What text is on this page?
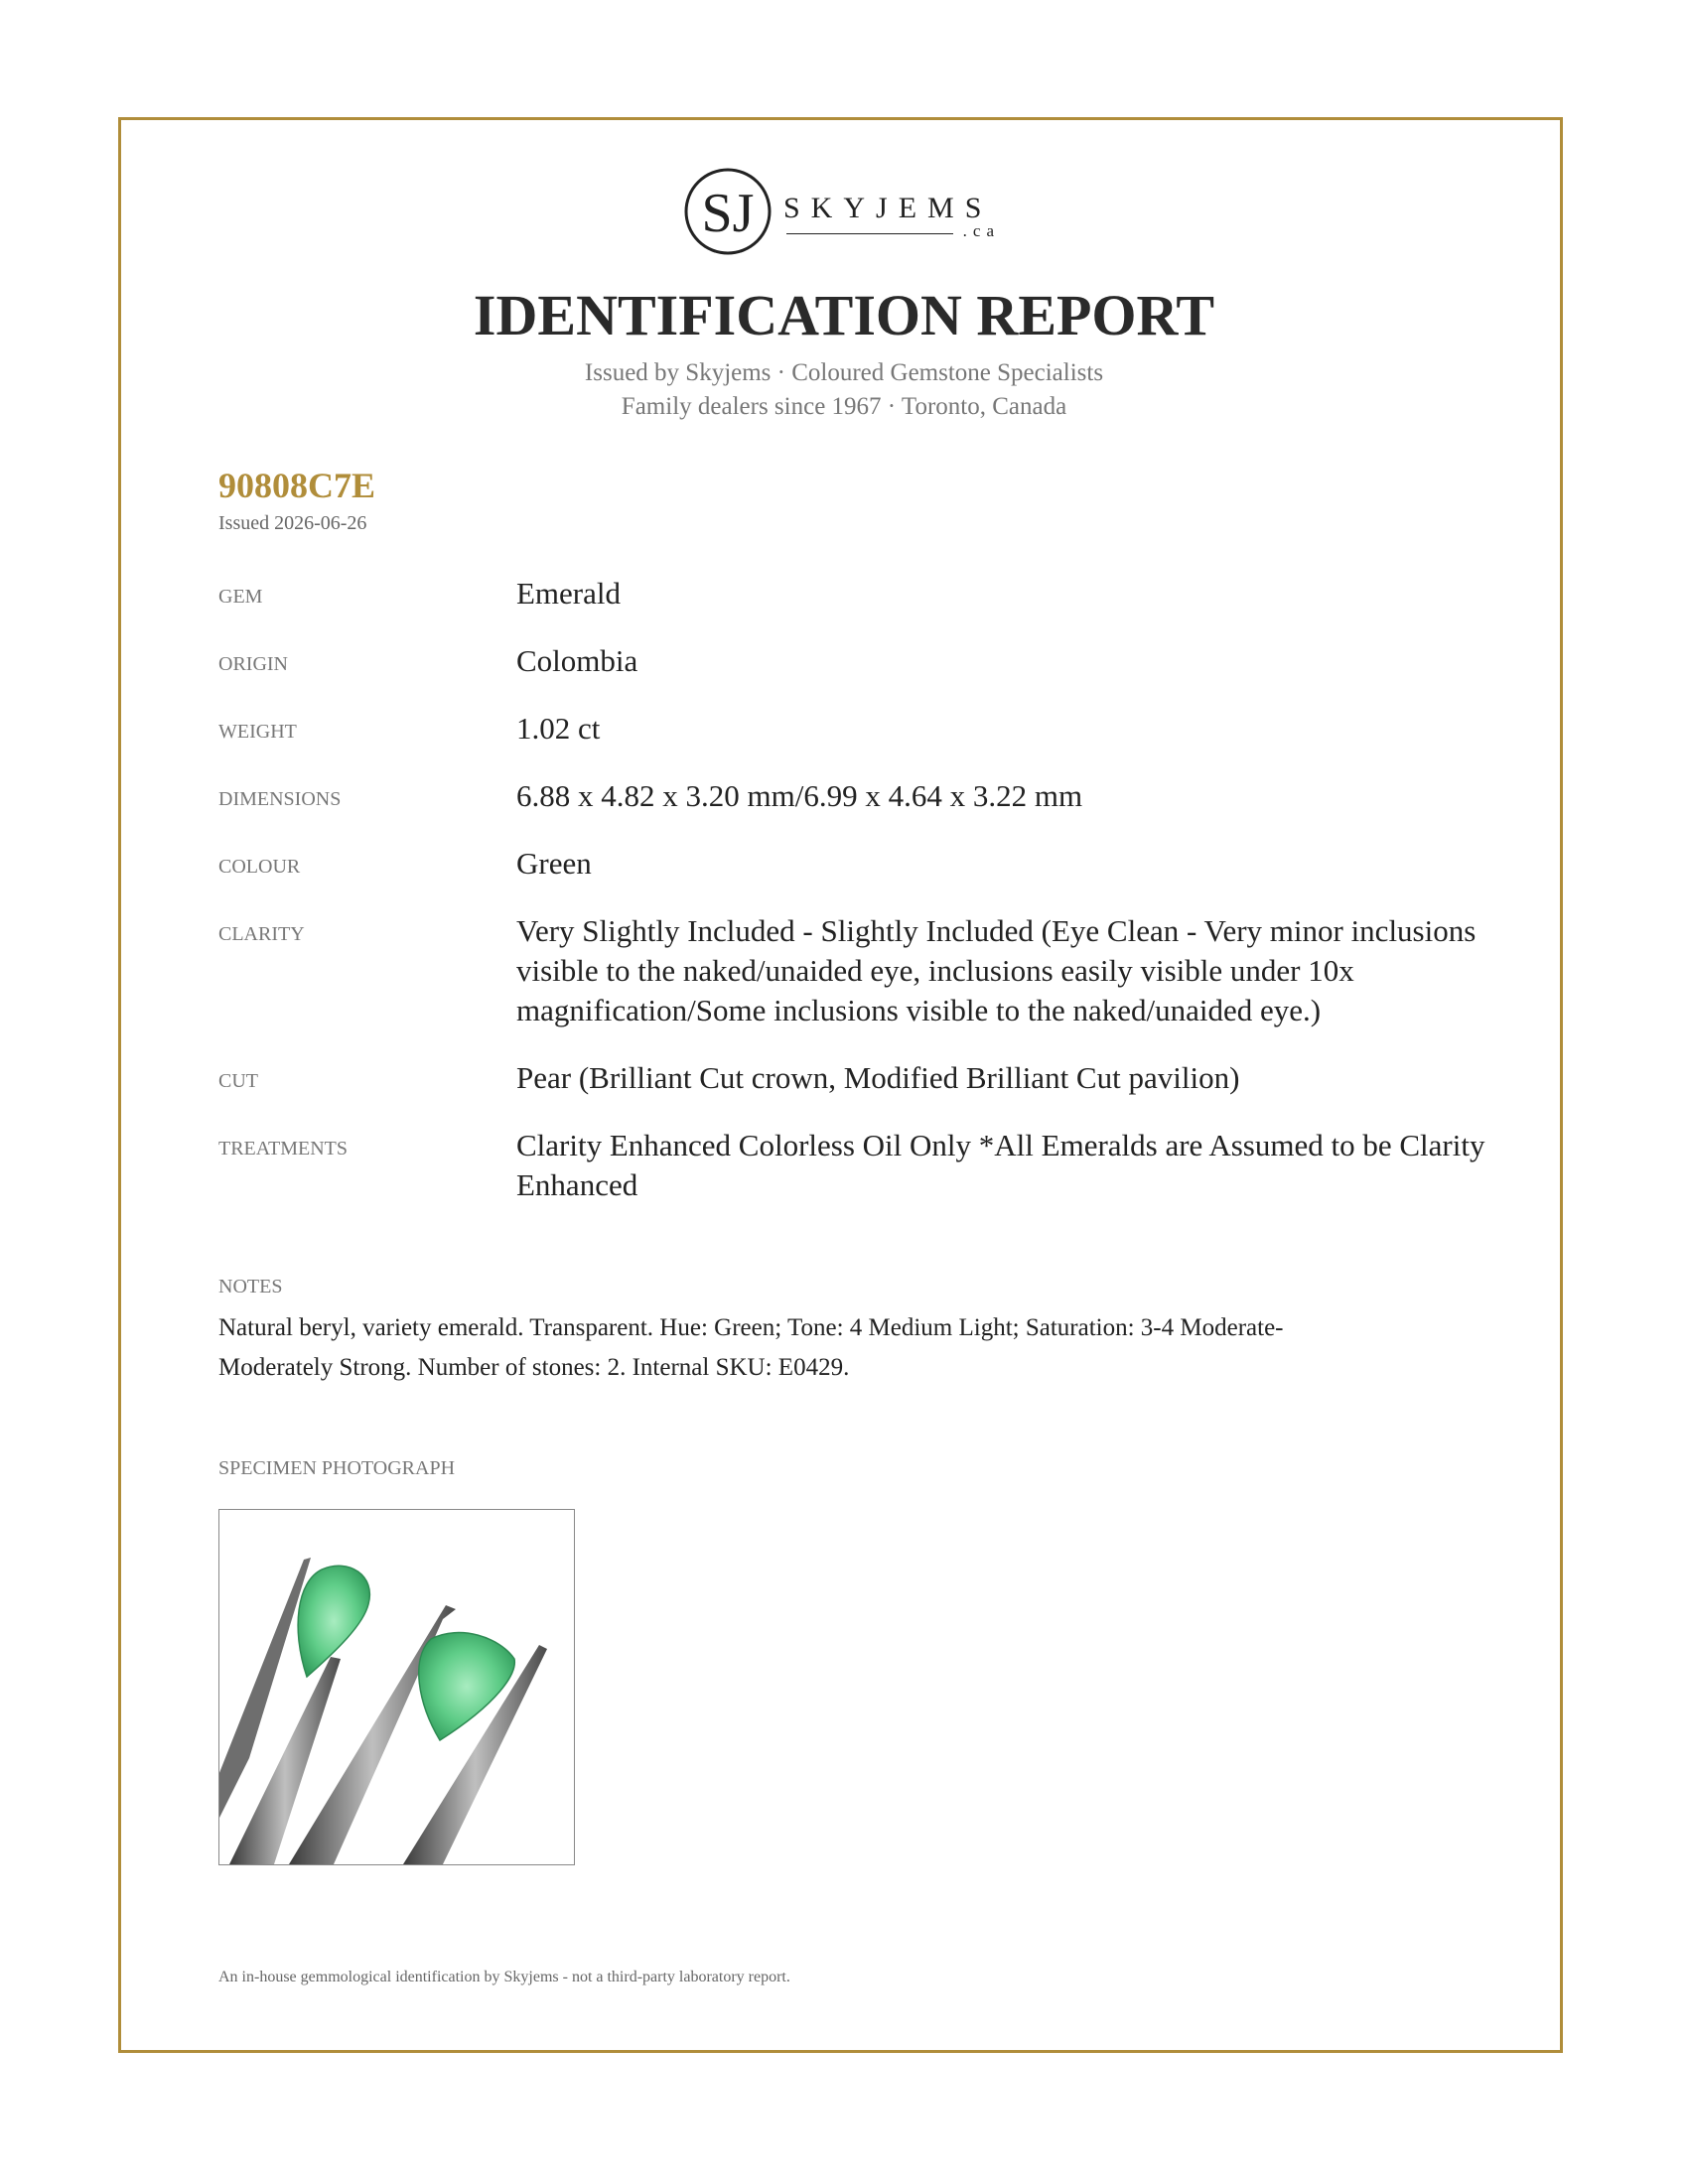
SJ SKYJEMS
.ca
IDENTIFICATION REPORT
Issued by Skyjems · Coloured Gemstone Specialists
Family dealers since 1967 · Toronto, Canada
90808C7E
Issued 2026-06-26
GEM	Emerald
ORIGIN	Colombia
WEIGHT	1.02 ct
DIMENSIONS	6.88 x 4.82 x 3.20 mm/6.99 x 4.64 x 3.22 mm
COLOUR	Green
CLARITY	Very Slightly Included - Slightly Included (Eye Clean - Very minor inclusions visible to the naked/unaided eye, inclusions easily visible under 10x magnification/Some inclusions visible to the naked/unaided eye.)
CUT	Pear (Brilliant Cut crown, Modified Brilliant Cut pavilion)
TREATMENTS	Clarity Enhanced Colorless Oil Only *All Emeralds are Assumed to be Clarity Enhanced
NOTES
Natural beryl, variety emerald. Transparent. Hue: Green; Tone: 4 Medium Light; Saturation: 3-4 Moderate-Moderately Strong. Number of stones: 2. Internal SKU: E0429.
SPECIMEN PHOTOGRAPH
An in-house gemmological identification by Skyjems - not a third-party laboratory report.
